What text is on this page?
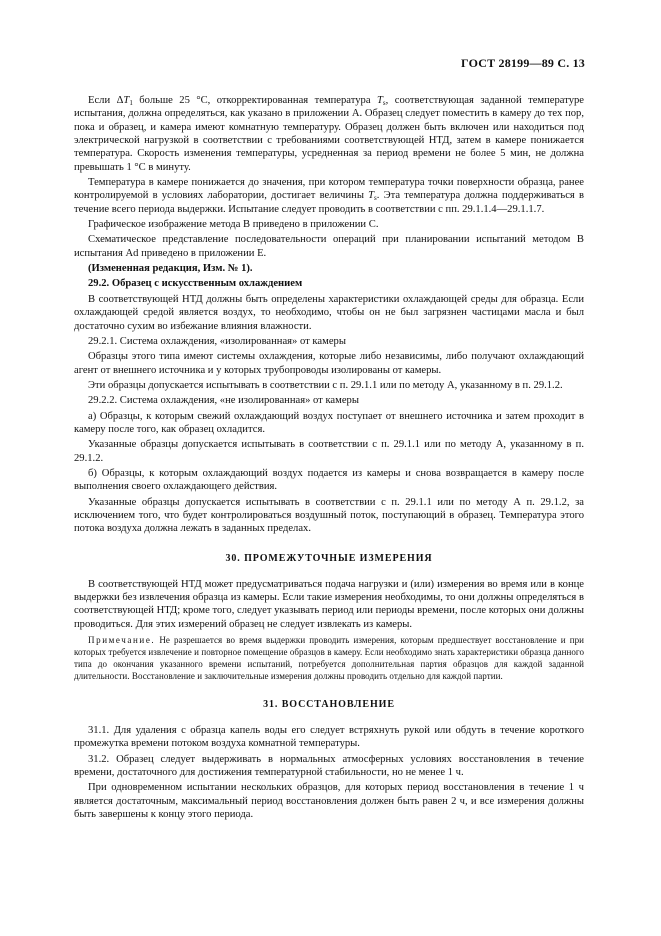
ГОСТ 28199—89 С. 13

Если $\Delta T_1$ больше 25 °С, откорректированная температура $T_s$, соответствующая заданной температуре испытания, должна определяться, как указано в приложении А. Образец следует поместить в камеру до тех пор, пока и образец, и камера имеют комнатную температуру. Образец должен быть включен или находиться под электрической нагрузкой в соответствии с требованиями соответствующей НТД, затем в камере понижается температура. Скорость изменения температуры, усредненная за период времени не более 5 мин, не должна превышать 1 °С в минуту.

Температура в камере понижается до значения, при котором температура точки поверхности образца, ранее контролируемой в условиях лаборатории, достигает величины $T_s$. Эта температура должна поддерживаться в течение всего периода выдержки. Испытание следует проводить в соответствии с пп. 29.1.1.4—29.1.1.7.

Графическое изображение метода В приведено в приложении С.

Схематическое представление последовательности операций при планировании испытаний методом В испытания Ad приведено в приложении Е.

(Измененная редакция, Изм. № 1).

29.2. Образец с искусственным охлаждением

В соответствующей НТД должны быть определены характеристики охлаждающей среды для образца. Если охлаждающей средой является воздух, то необходимо, чтобы он не был загрязнен частицами масла и был достаточно сухим во избежание влияния влажности.

29.2.1. Система охлаждения, «изолированная» от камеры

Образцы этого типа имеют системы охлаждения, которые либо независимы, либо получают охлаждающий агент от внешнего источника и у которых трубопроводы изолированы от камеры.

Эти образцы допускается испытывать в соответствии с п. 29.1.1 или по методу А, указанному в п. 29.1.2.

29.2.2. Система охлаждения, «не изолированная» от камеры

а) Образцы, к которым свежий охлаждающий воздух поступает от внешнего источника и затем проходит в камеру после того, как образец охладится.

Указанные образцы допускается испытывать в соответствии с п. 29.1.1 или по методу А, указанному в п. 29.1.2.

б) Образцы, к которым охлаждающий воздух подается из камеры и снова возвращается в камеру после выполнения своего охлаждающего действия.

Указанные образцы допускается испытывать в соответствии с п. 29.1.1 или по методу А п. 29.1.2, за исключением того, что будет контролироваться воздушный поток, поступающий в образец. Температура этого потока воздуха должна лежать в заданных пределах.

30. ПРОМЕЖУТОЧНЫЕ ИЗМЕРЕНИЯ

В соответствующей НТД может предусматриваться подача нагрузки и (или) измерения во время или в конце выдержки без извлечения образца из камеры. Если такие измерения необходимы, то они должны определяться в соответствующей НТД; кроме того, следует указывать период или периоды времени, после которых они должны проводиться. Для этих измерений образец не следует извлекать из камеры.

Примечание. Не разрешается во время выдержки проводить измерения, которым предшествует восстановление и при которых требуется извлечение и повторное помещение образцов в камеру. Если необходимо знать характеристики образца данного типа до окончания указанного времени испытаний, потребуется дополнительная партия образцов для каждой заданной длительности. Восстановление и заключительные измерения должны проводить отдельно для каждой партии.
31. ВОССТАНОВЛЕНИЕ

31.1. Для удаления с образца капель воды его следует встряхнуть рукой или обдуть в течение короткого промежутка времени потоком воздуха комнатной температуры.

31.2. Образец следует выдерживать в нормальных атмосферных условиях восстановления в течение времени, достаточного для достижения температурной стабильности, но не менее 1 ч.

При одновременном испытании нескольких образцов, для которых период восстановления в течение 1 ч является достаточным, максимальный период восстановления должен быть равен 2 ч, и все измерения должны быть завершены к концу этого периода.
